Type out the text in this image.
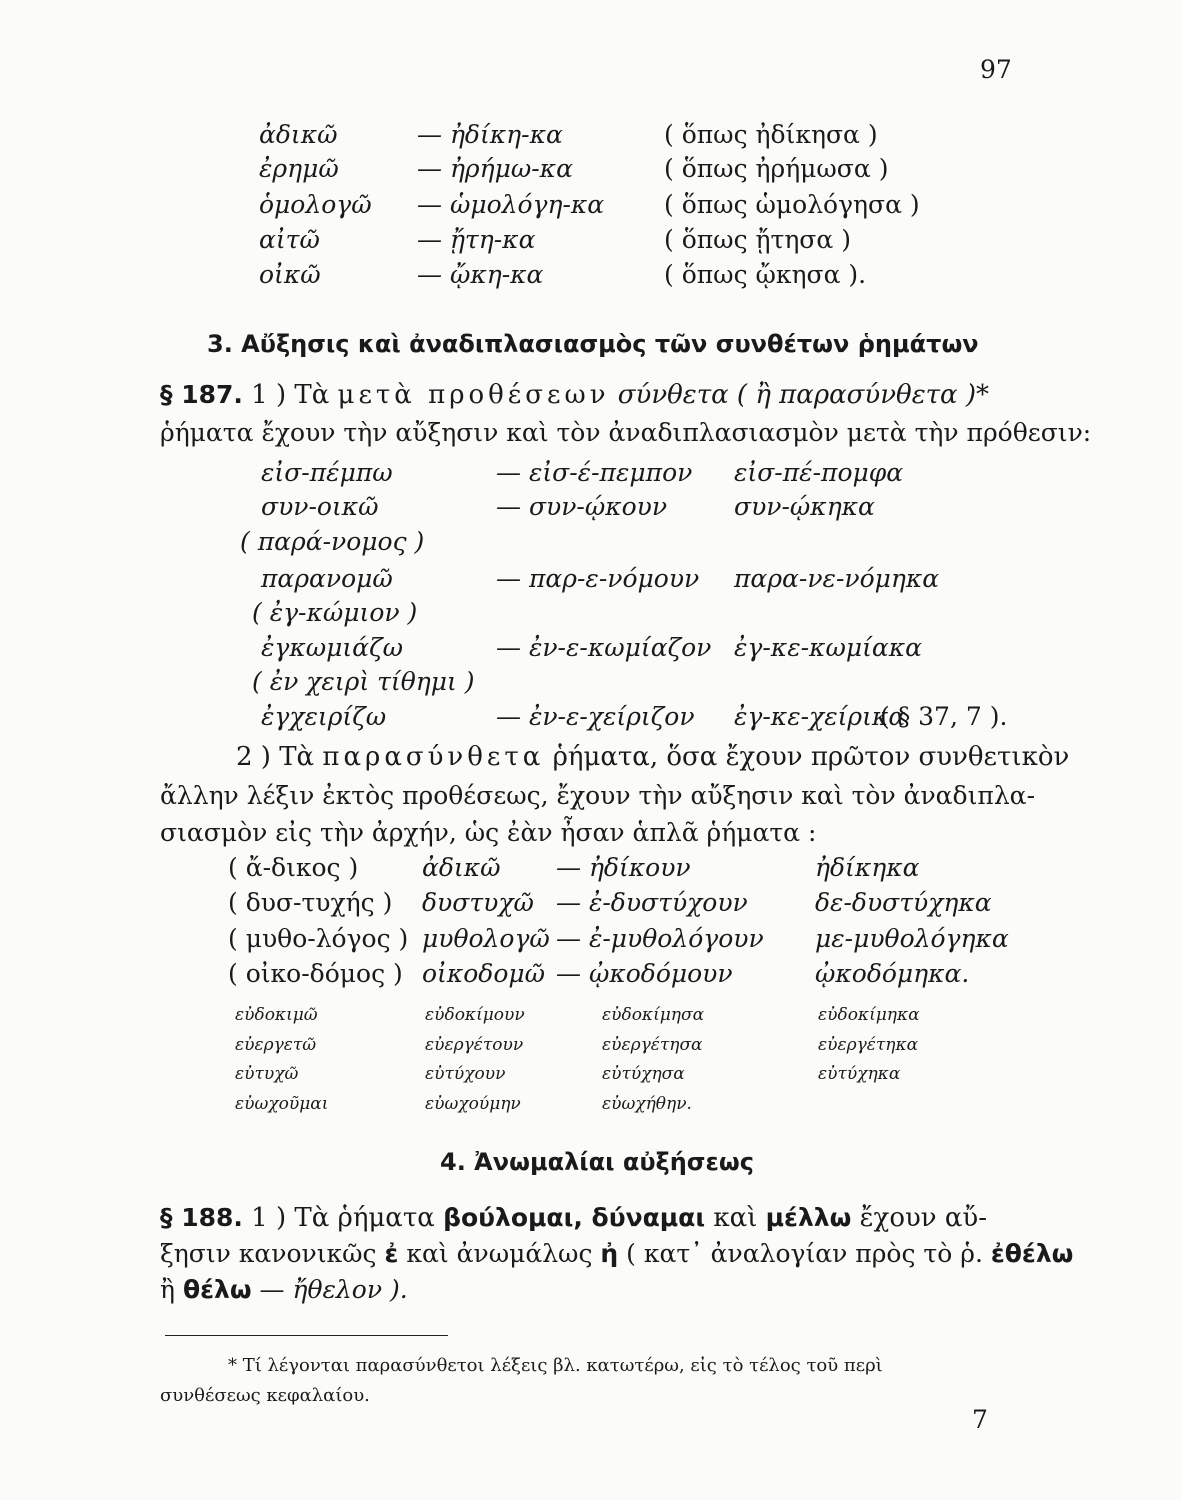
97
ἀδικῶ	— ἠδίκη-κα	( ὅπως ἠδίκησα )
ἐρημῶ	— ἠρήμω-κα	( ὅπως ἠρήμωσα )
ὁμολογῶ — ὡμολόγη-κα ( ὅπως ὡμολόγησα )
αἰτῶ	— ᾔτη-κα	( ὅπως ᾔτησα )
οἰκῶ	— ᾤκη-κα	( ὅπως ᾤκησα ).
3. Αὔξησις καὶ ἀναδιπλασιασμὸς τῶν συνθέτων ῥημάτων
§ 187. 1 ) Τὰ μετὰ προθέσεων σύνθετα ( ἢ παρασύνθετα )*
ῥήματα ἔχουν τὴν αὔξησιν καὶ τὸν ἀναδιπλασιασμὸν μετὰ τὴν πρόθεσιν:
εἰσ-πέμπω	— εἰσ-έ-πεμπον εἰσ-πέ-πομφα
συν-οικῶ	— συν-ῴκουν	συν-ῴκηκα
( παρά-νομος )
παρανομῶ	— παρ-ε-νόμουν παρα-νε-νόμηκα
( ἐγ-κώμιον )
ἐγκωμιάζω	— ἐν-ε-κωμίαζον ἐγ-κε-κωμίακα
( ἐν χειρὶ τίθημι )
ἐγχειρίζω	— ἐν-ε-χείριζον ἐγ-κε-χείρικα
( § 37, 7 ).
2 ) Τὰ παρασύνθετα ῥήματα, ὅσα ἔχουν πρῶτον συνθετικὸν
ἄλλην λέξιν ἐκτὸς προθέσεως, ἔχουν τὴν αὔξησιν καὶ τὸν ἀναδιπλα-
σιασμὸν εἰς τὴν ἀρχήν, ὡς ἐὰν ἦσαν ἁπλᾶ ῥήματα :
( ἄ-δικος )	ἀδικῶ — ἠδίκουν	ἠδίκηκα
( δυσ-τυχής ) δυστυχῶ — ἐ-δυστύχουν	δε-δυστύχηκα
( μυθο-λόγος ) μυθολογῶ — ἐ-μυθολόγουν με-μυθολόγηκα
( οἰκο-δόμος ) οἰκοδομῶ — ᾠκοδόμουν	ᾠκοδόμηκα.
εὐδοκιμῶ	εὐδοκίμουν	εὐδοκίμησα	εὐδοκίμηκα
εὐεργετῶ	εὐεργέτουν	εὐεργέτησα	εὐεργέτηκα
εὐτυχῶ	εὐτύχουν	εὐτύχησα	εὐτύχηκα
εὐωχοῦμαι	εὐωχούμην	εὐωχήθην.
4. Ἀνωμαλίαι αὐξήσεως
§ 188. 1 ) Τὰ ῥήματα βούλομαι, δύναμαι καὶ μέλλω ἔχουν αὔ-
ξησιν κανονικῶς ἐ καὶ ἀνωμάλως ἠ ( κατ᾽ ἀναλογίαν πρὸς τὸ ῥ. ἐθέλω
ἢ θέλω — ἤθελον ).
* Τί λέγονται παρασύνθετοι λέξεις βλ. κατωτέρω, εἰς τὸ τέλος τοῦ περὶ
συνθέσεως κεφαλαίου.
7
